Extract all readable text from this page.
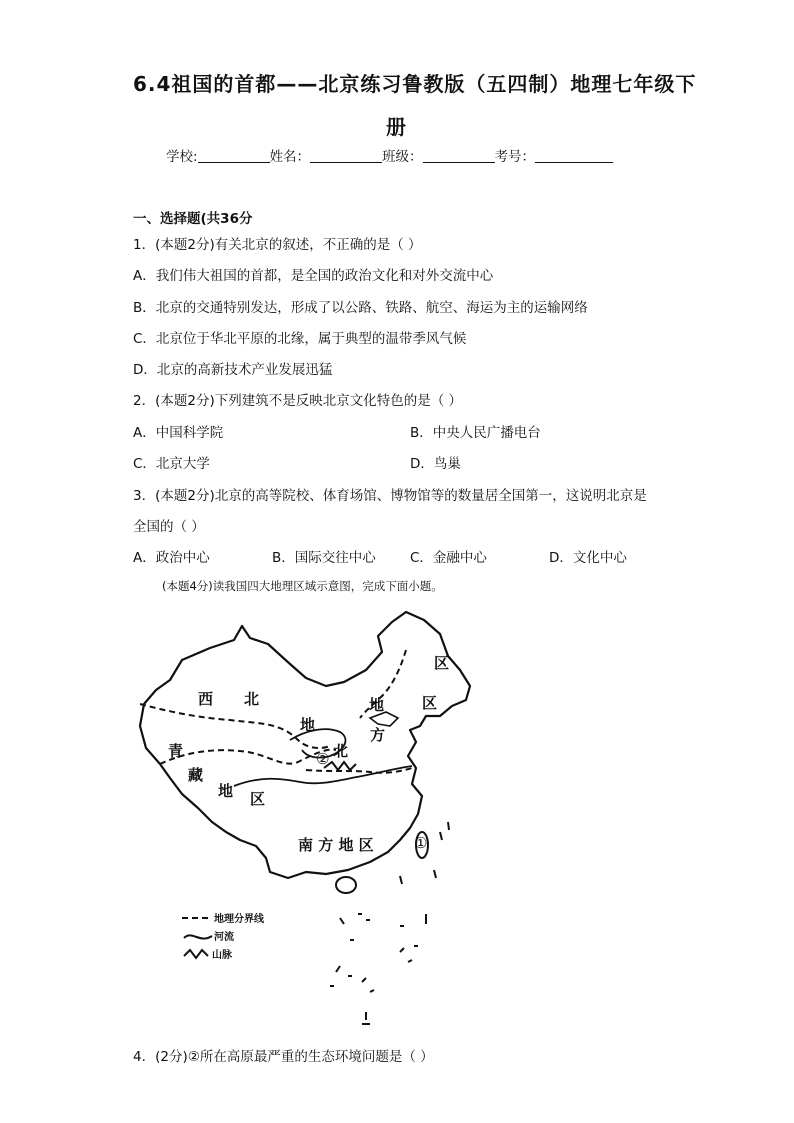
6.4祖国的首都——北京练习鲁教版（五四制）地理七年级下
册
学校:	姓名：	班级：	考号：
一、选择题(共36分
1．(本题2分)有关北京的叙述，不正确的是（ ）
A．我们伟大祖国的首都，是全国的政治文化和对外交流中心
B．北京的交通特别发达，形成了以公路、铁路、航空、海运为主的运输网络
C．北京位于华北平原的北缘，属于典型的温带季风气候
D．北京的高新技术产业发展迅猛
2．(本题2分)下列建筑不是反映北京文化特色的是（ ）
A．中国科学院	B．中央人民广播电台
C．北京大学	D．鸟巢
3．(本题2分)北京的高等院校、体育场馆、博物馆等的数量居全国第一，这说明北京是
全国的（ ）
A．政治中心	B．国际交往中心	C．金融中心	D．文化中心
(本题4分)读我国四大地理区域示意图，完成下面小题。
西 北
地
青
藏
地 区
北
方
地	区
区
南 方 地 区
②
①
地理分界线
河流
山脉
4．(2分)②所在高原最严重的生态环境问题是（ ）
